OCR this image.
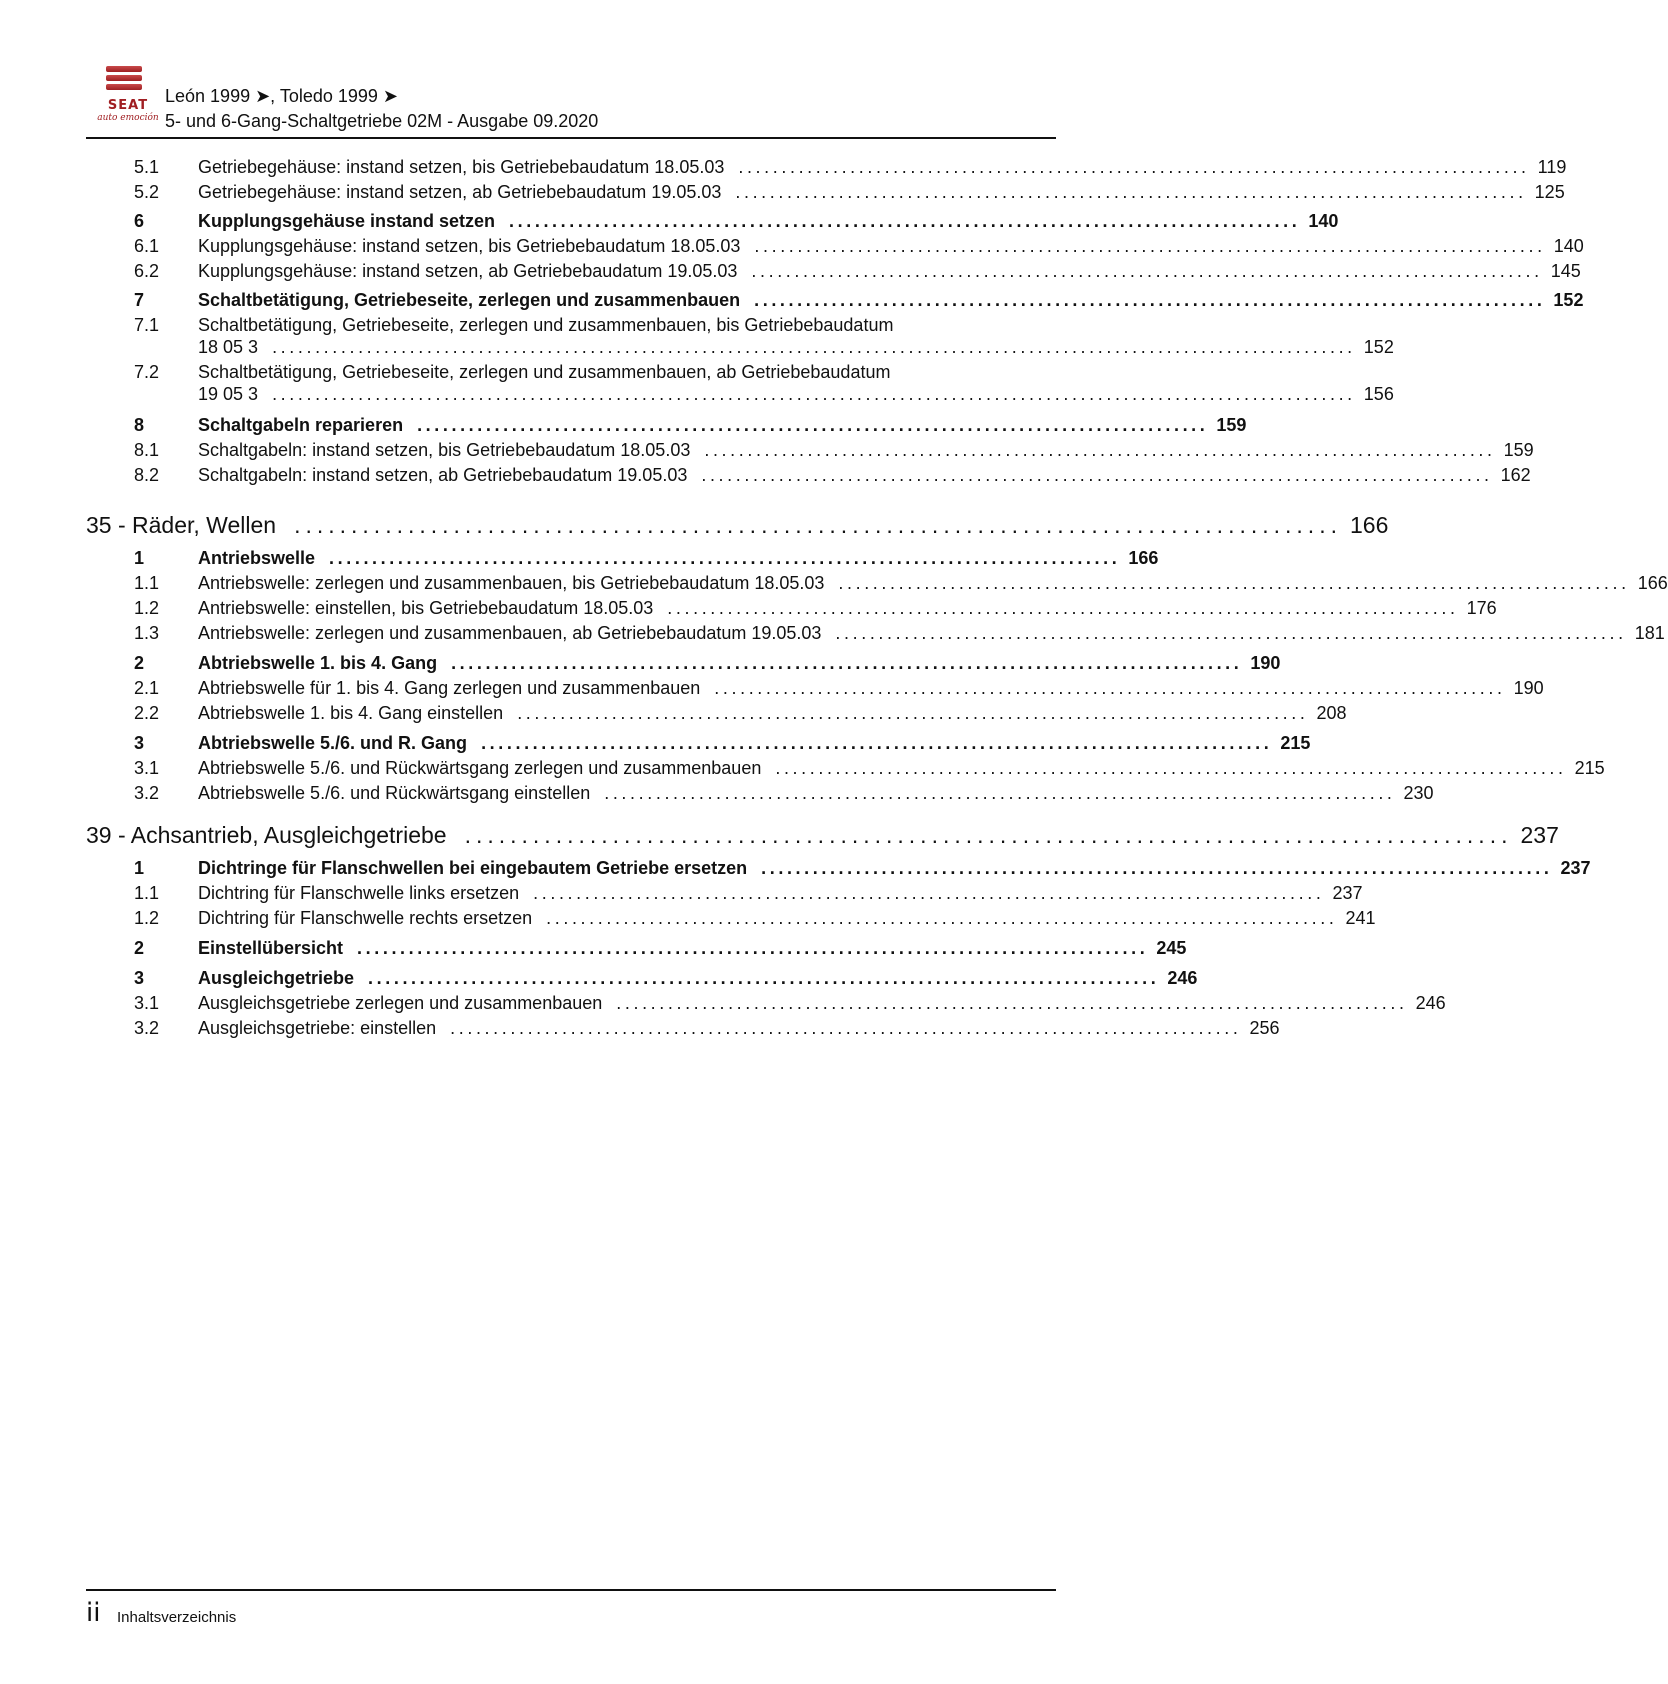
SEAT
auto emoción
León 1999 ➤, Toledo 1999 ➤
5- und 6-Gang-Schaltgetriebe 02M - Ausgabe 09.2020
5.1 Getriebegehäuse: instand setzen, bis Getriebebaudatum 18.05.03 ............................................................................................ 119
5.2 Getriebegehäuse: instand setzen, ab Getriebebaudatum 19.05.03 ............................................................................................ 125
6	Kupplungsgehäuse instand setzen ............................................................................................ 140
6.1 Kupplungsgehäuse: instand setzen, bis Getriebebaudatum 18.05.03 ............................................................................................ 140
6.2 Kupplungsgehäuse: instand setzen, ab Getriebebaudatum 19.05.03 ............................................................................................ 145
7	Schaltbetätigung, Getriebeseite, zerlegen und zusammenbauen ............................................................................................ 152
7.1 Schaltbetätigung, Getriebeseite, zerlegen und zusammenbauen, bis Getriebebaudatum
18 05 3 .............................................................................................................................. 152
7.2 Schaltbetätigung, Getriebeseite, zerlegen und zusammenbauen, ab Getriebebaudatum
19 05 3 .............................................................................................................................. 156
8	Schaltgabeln reparieren ............................................................................................ 159
8.1 Schaltgabeln: instand setzen, bis Getriebebaudatum 18.05.03 ............................................................................................ 159
8.2 Schaltgabeln: instand setzen, ab Getriebebaudatum 19.05.03 ............................................................................................ 162
35 - Räder, Wellen ............................................................................................ 166
1	Antriebswelle ............................................................................................ 166
1.1 Antriebswelle: zerlegen und zusammenbauen, bis Getriebebaudatum 18.05.03 ............................................................................................ 166
1.2 Antriebswelle: einstellen, bis Getriebebaudatum 18.05.03 ............................................................................................ 176
1.3 Antriebswelle: zerlegen und zusammenbauen, ab Getriebebaudatum 19.05.03 ............................................................................................ 181
2	Abtriebswelle 1. bis 4. Gang ............................................................................................ 190
2.1 Abtriebswelle für 1. bis 4. Gang zerlegen und zusammenbauen ............................................................................................ 190
2.2 Abtriebswelle 1. bis 4. Gang einstellen ............................................................................................ 208
3	Abtriebswelle 5./6. und R. Gang ............................................................................................ 215
3.1 Abtriebswelle 5./6. und Rückwärtsgang zerlegen und zusammenbauen ............................................................................................ 215
3.2 Abtriebswelle 5./6. und Rückwärtsgang einstellen ............................................................................................ 230
39 - Achsantrieb, Ausgleichgetriebe ............................................................................................ 237
1	Dichtringe für Flanschwellen bei eingebautem Getriebe ersetzen ............................................................................................ 237
1.1 Dichtring für Flanschwelle links ersetzen ............................................................................................ 237
1.2 Dichtring für Flanschwelle rechts ersetzen ............................................................................................ 241
2	Einstellübersicht ............................................................................................ 245
3	Ausgleichgetriebe ............................................................................................ 246
3.1 Ausgleichsgetriebe zerlegen und zusammenbauen ............................................................................................ 246
3.2 Ausgleichsgetriebe: einstellen ............................................................................................ 256
ii Inhaltsverzeichnis
